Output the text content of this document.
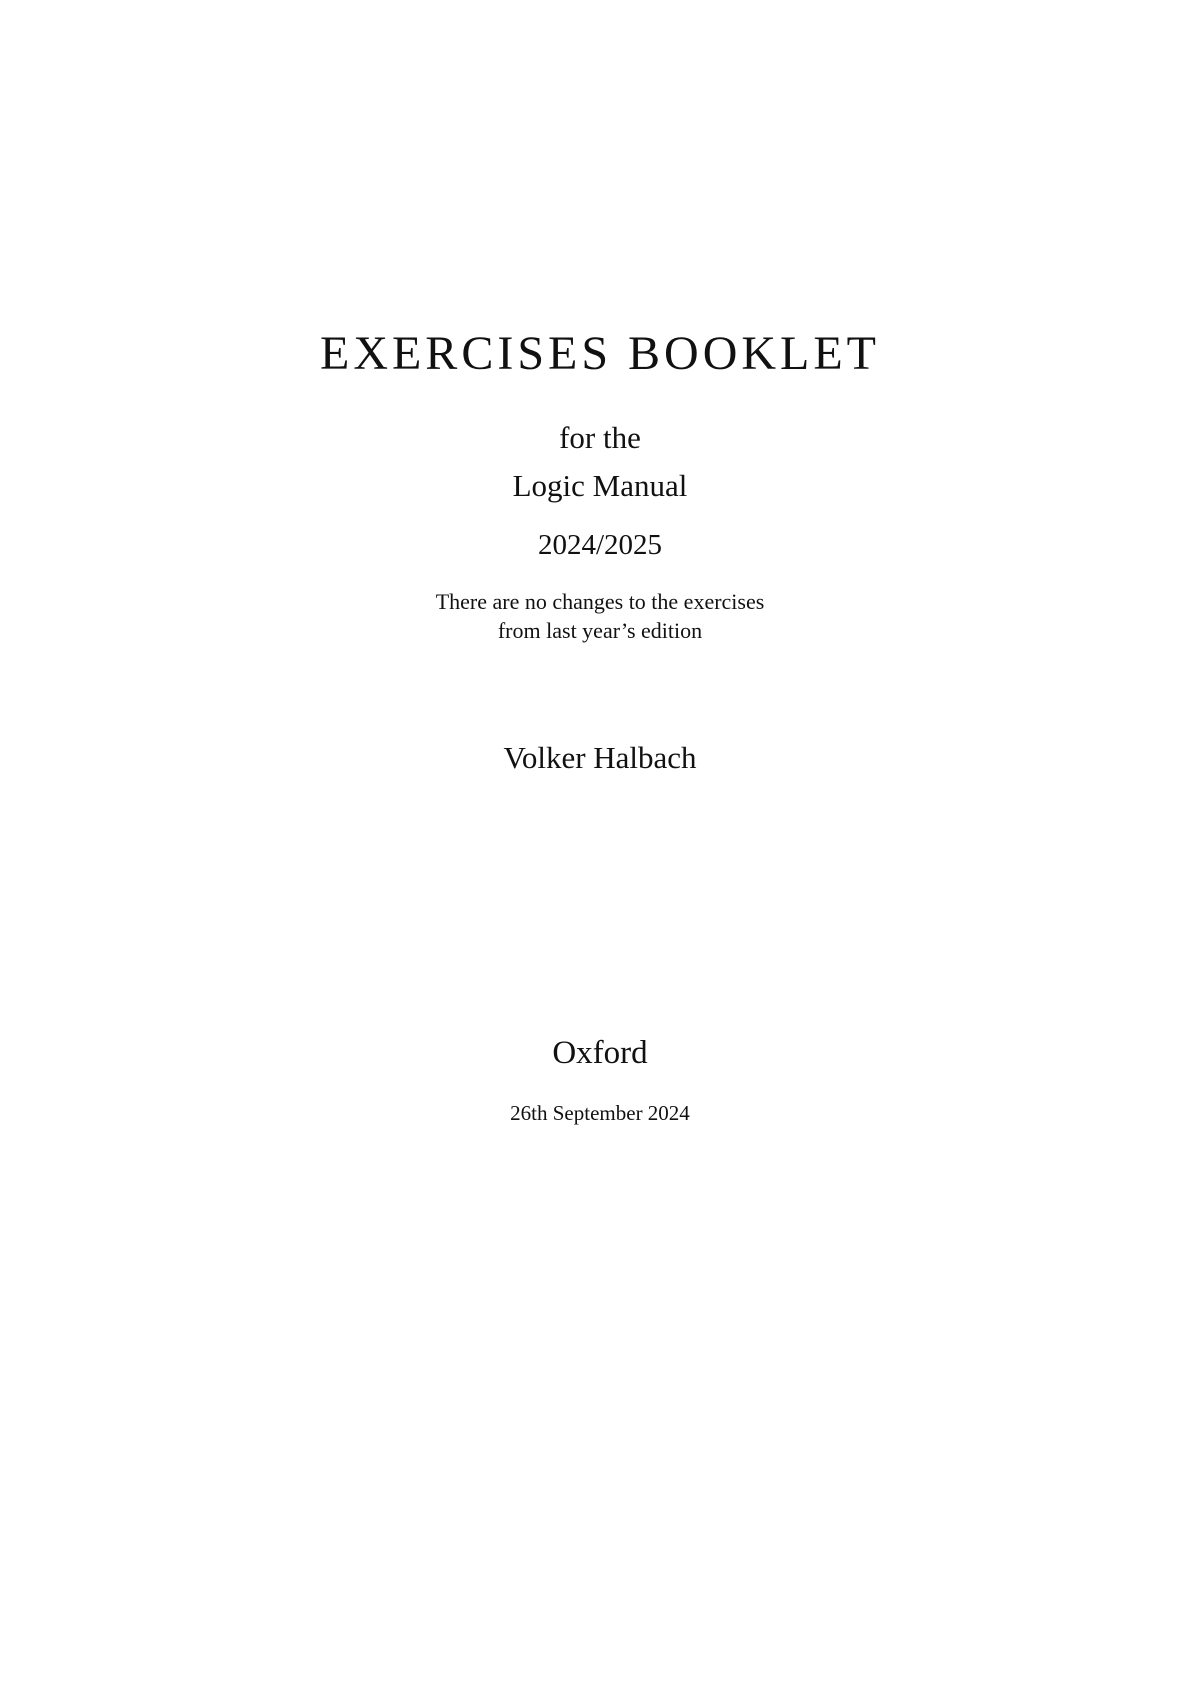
EXERCISES BOOKLET
for the
Logic Manual
2024/2025
There are no changes to the exercises
from last year’s edition
Volker Halbach
Oxford
26th September 2024
